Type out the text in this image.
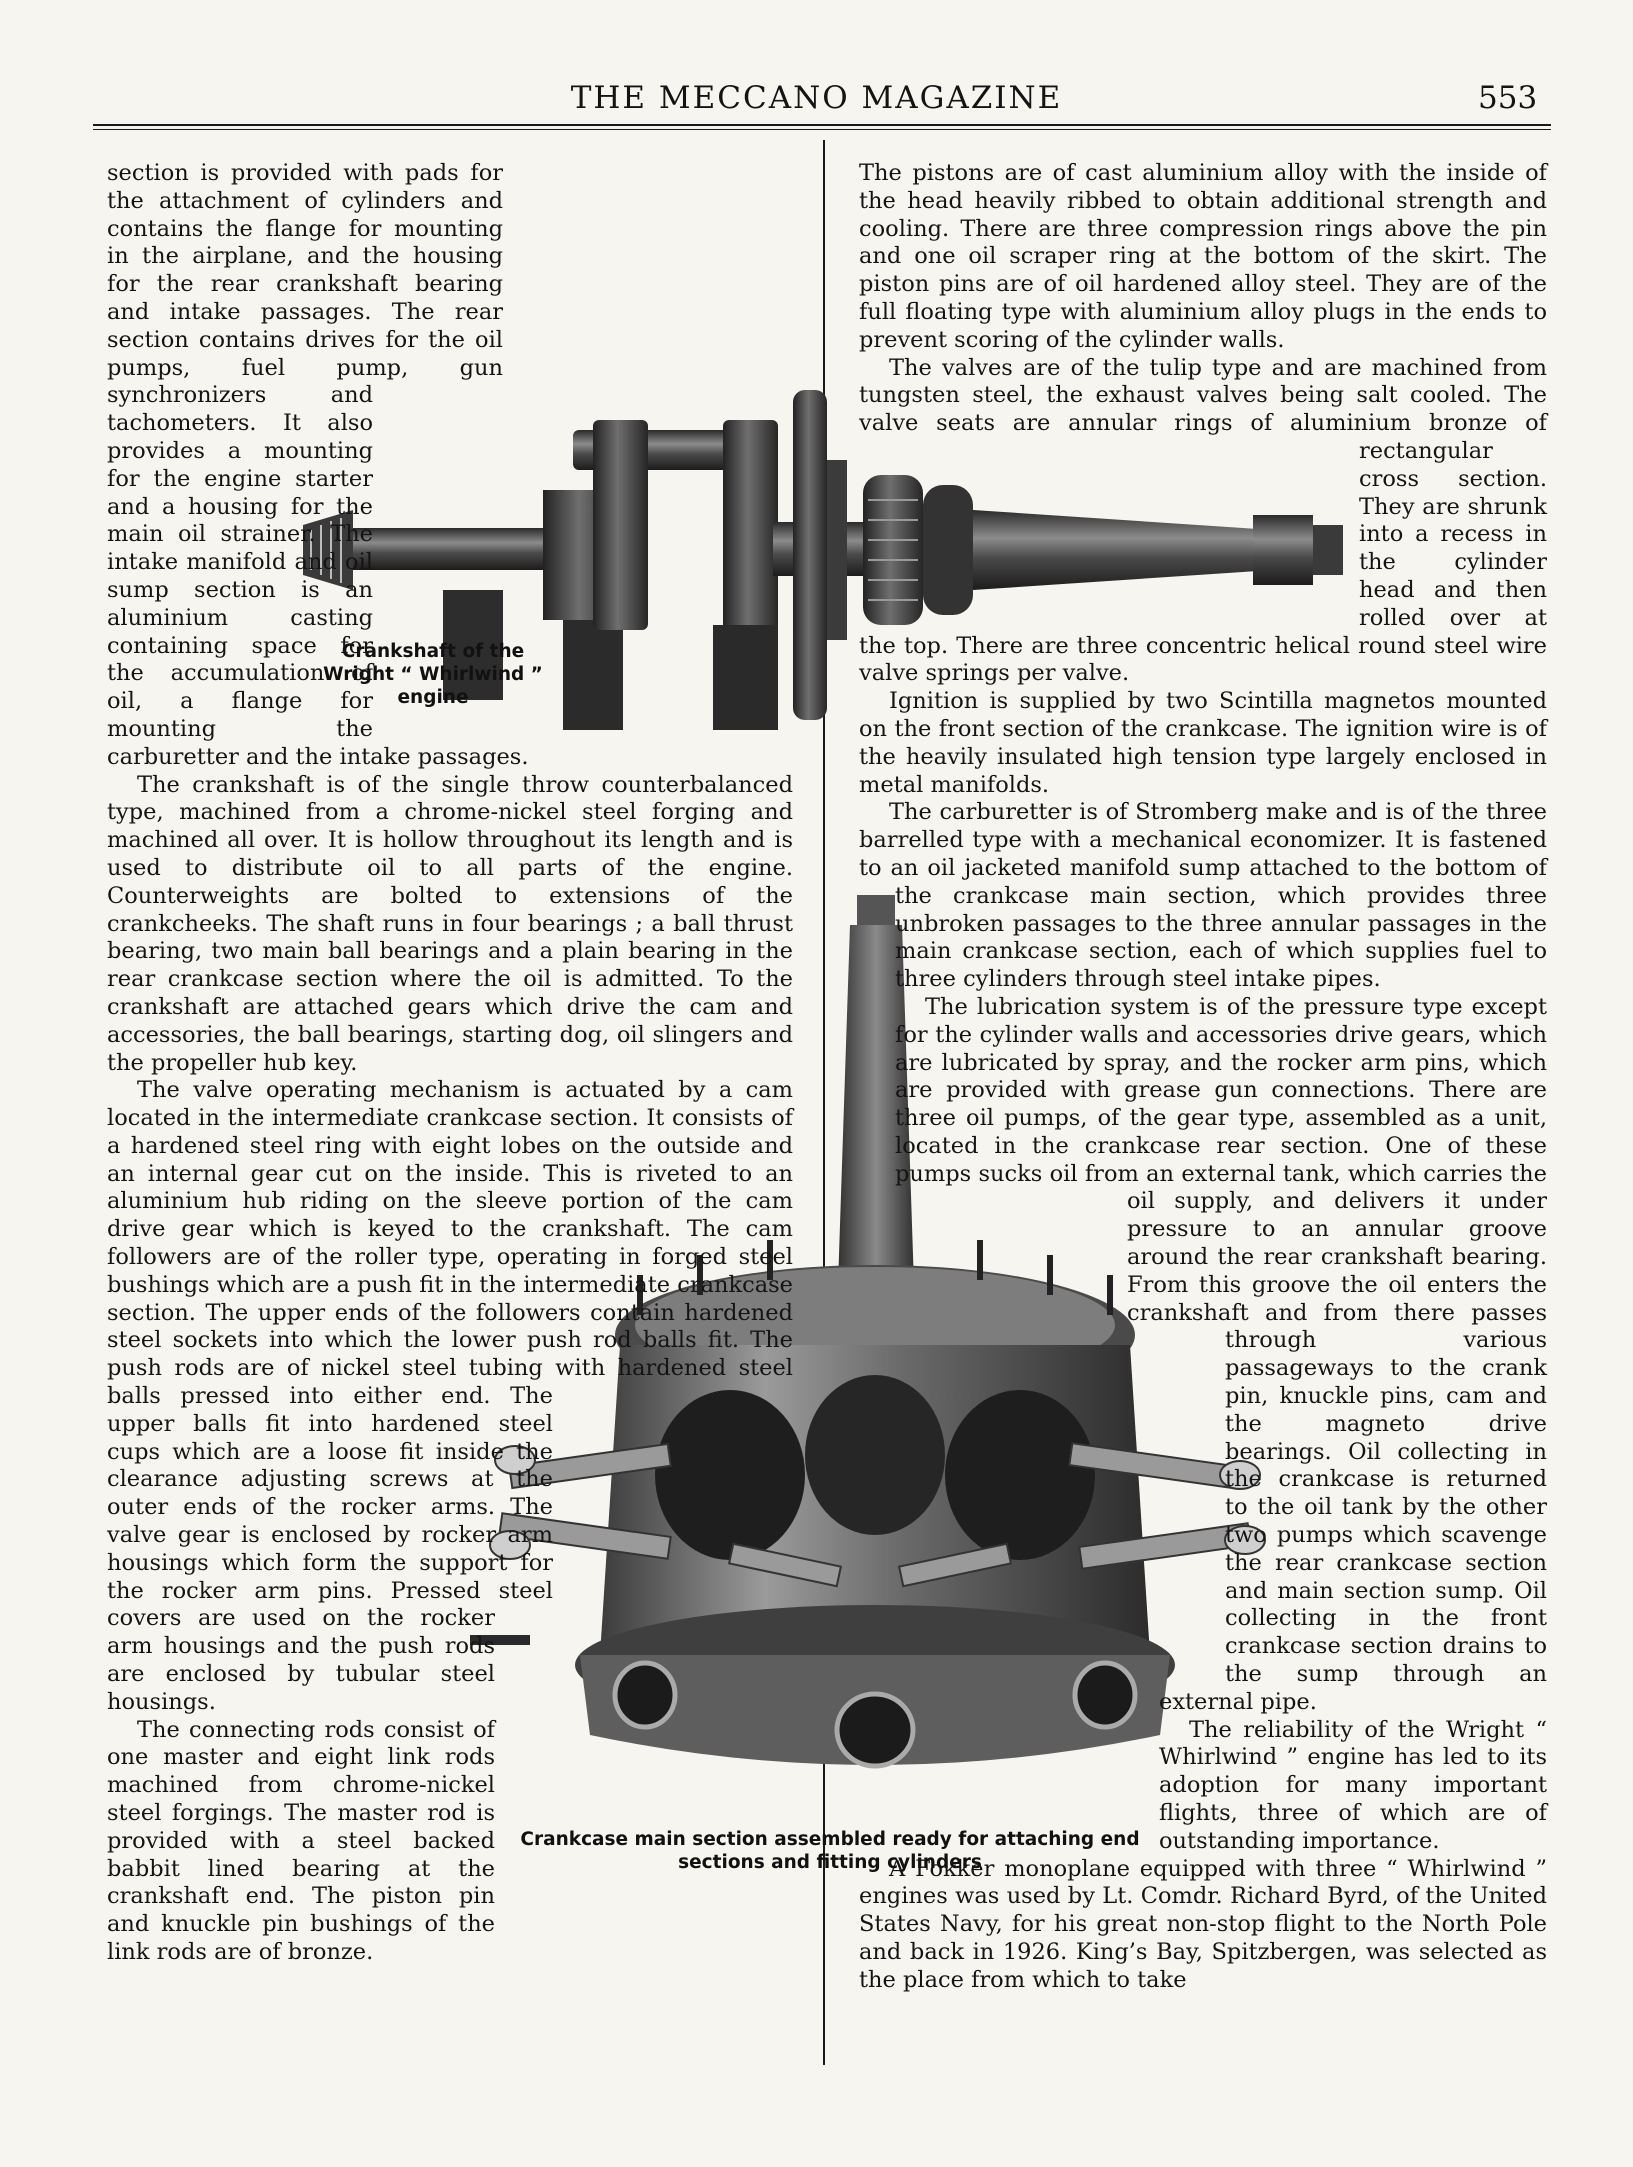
THE MECCANO MAGAZINE	553
Crankshaft of the Wright “ Whirlwind ” engine
Crankcase main section assembled ready for attaching end sections and fitting cylinders

section is provided with pads for the attachment of cylinders and contains the flange for mounting in the airplane, and the housing for the rear crankshaft bearing and intake passages. The rear section contains drives for the oil pumps, fuel pump, gun synchronizers and tachometers. It also provides a mounting for the engine starter and a housing for the main oil strainer. The intake manifold and oil sump section is an aluminium casting containing space for the accumulation of oil, a flange for mounting the carburetter and the intake passages.

The crankshaft is of the single throw counterbalanced type, machined from a chrome-nickel steel forging and machined all over. It is hollow throughout its length and is used to distribute oil to all parts of the engine. Counterweights are bolted to extensions of the crankcheeks. The shaft runs in four bearings ; a ball thrust bearing, two main ball bearings and a plain bearing in the rear crankcase section where the oil is admitted. To the crankshaft are attached gears which drive the cam and accessories, the ball bearings, starting dog, oil slingers and the propeller hub key.

The valve operating mechanism is actuated by a cam located in the intermediate crankcase section. It consists of a hardened steel ring with eight lobes on the outside and an internal gear cut on the inside. This is riveted to an aluminium hub riding on the sleeve portion of the cam drive gear which is keyed to the crankshaft. The cam followers are of the roller type, operating in forged steel bushings which are a push fit in the intermediate crankcase section. The upper ends of the followers contain hardened steel sockets into which the lower push rod balls fit. The push rods are of nickel steel tubing with hardened steel balls pressed into either end. The upper balls fit into hardened steel cups which are a loose fit inside the clearance adjusting screws at the outer ends of the rocker arms. The valve gear is enclosed by rocker arm housings which form the support for the rocker arm pins. Pressed steel covers are used on the rocker arm housings and the push rods are enclosed by tubular steel housings.

The connecting rods consist of one master and eight link rods machined from chrome-nickel steel forgings. The master rod is provided with a steel backed babbit lined bearing at the crankshaft end. The piston pin and knuckle pin bushings of the link rods are of bronze.

The pistons are of cast aluminium alloy with the inside of the head heavily ribbed to obtain additional strength and cooling. There are three compression rings above the pin and one oil scraper ring at the bottom of the skirt. The piston pins are of oil hardened alloy steel. They are of the full floating type with aluminium alloy plugs in the ends to prevent scoring of the cylinder walls.

The valves are of the tulip type and are machined from tungsten steel, the exhaust valves being salt cooled. The valve seats are annular rings of aluminium bronze of rectangular cross section. They are shrunk into a recess in the cylinder head and then rolled over at the top. There are three concentric helical round steel wire valve springs per valve.

Ignition is supplied by two Scintilla magnetos mounted on the front section of the crankcase. The ignition wire is of the heavily insulated high tension type largely enclosed in metal manifolds.

The carburetter is of Stromberg make and is of the three barrelled type with a mechanical economizer. It is fastened to an oil jacketed manifold sump attached to the bottom of the crankcase main section, which provides three unbroken passages to the three annular passages in the main crankcase section, each of which supplies fuel to three cylinders through steel intake pipes.

The lubrication system is of the pressure type except for the cylinder walls and accessories drive gears, which are lubricated by spray, and the rocker arm pins, which are provided with grease gun connections. There are three oil pumps, of the gear type, assembled as a unit, located in the crankcase rear section. One of these pumps sucks oil from an external tank, which carries the oil supply, and delivers it under pressure to an annular groove around the rear crankshaft bearing. From this groove the oil enters the crankshaft and from there passes through various passageways to the crank pin, knuckle pins, cam and the magneto drive bearings. Oil collecting in the crankcase is returned to the oil tank by the other two pumps which scavenge the rear crankcase section and main section sump. Oil collecting in the front crankcase section drains to the sump through an external pipe.

The reliability of the Wright “ Whirlwind ” engine has led to its adoption for many important flights, three of which are of outstanding importance.

A Fokker monoplane equipped with three “ Whirlwind ” engines was used by Lt. Comdr. Richard Byrd, of the United States Navy, for his great non-stop flight to the North Pole and back in 1926. King’s Bay, Spitzbergen, was selected as the place from which to take
